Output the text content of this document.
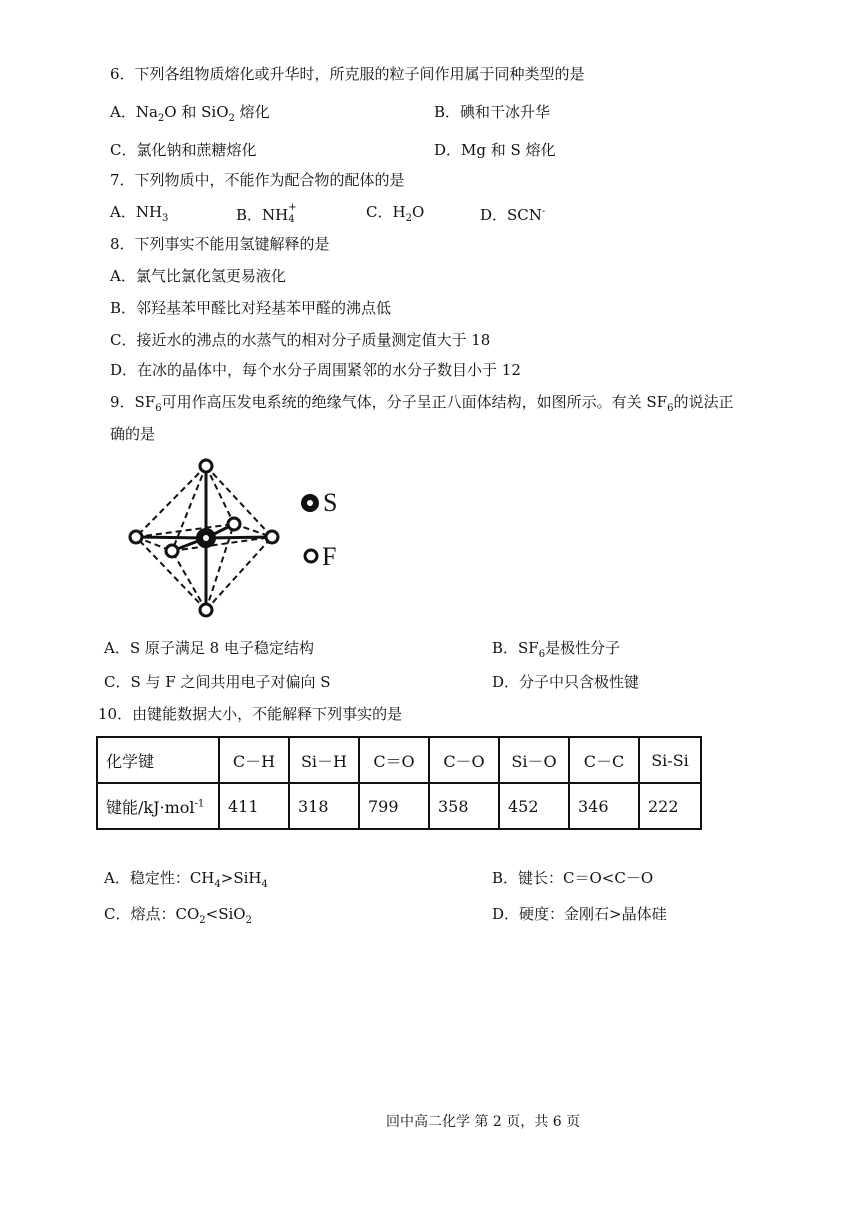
6．下列各组物质熔化或升华时，所克服的粒子间作用属于同种类型的是
A．$Na_2O$ 和 SiO$_2$ 熔化	B．碘和干冰升华
C．氯化钠和蔗糖熔化	D．Mg 和 S 熔化
7．下列物质中，不能作为配合物的配体的是
A．$NH_3$	B．NH +
4	C．$H_2O$	D．SCN-
8．下列事实不能用氢键解释的是
A．氯气比氯化氢更易液化
B．邻羟基苯甲醛比对羟基苯甲醛的沸点低
C．接近水的沸点的水蒸气的相对分子质量测定值大于 18
D．在冰的晶体中，每个水分子周围紧邻的水分子数目小于 12
9．$SF_6$可用作高压发电系统的绝缘气体，分子呈正八面体结构，如图所示。有关 $SF_6$的说法正
确的是
S
F
A．S 原子满足 8 电子稳定结构	B．$SF_6$是极性分子
C．S 与 F 之间共用电子对偏向 S	D．分子中只含极性键
10．由键能数据大小，不能解释下列事实的是
化学键	C－H	Si－H	C＝O	C－O	Si－O	C－C	Si-Si
键能/kJ·mol$^{-1}$	411	318	799	358	452	346	222
A．稳定性：$CH_4>SiH_4$	B．键长：C＝O<C－O
C．熔点：$CO_2<SiO_2$	D．硬度：金刚石>晶体硅
回中高二化学 第 2 页，共 6 页
